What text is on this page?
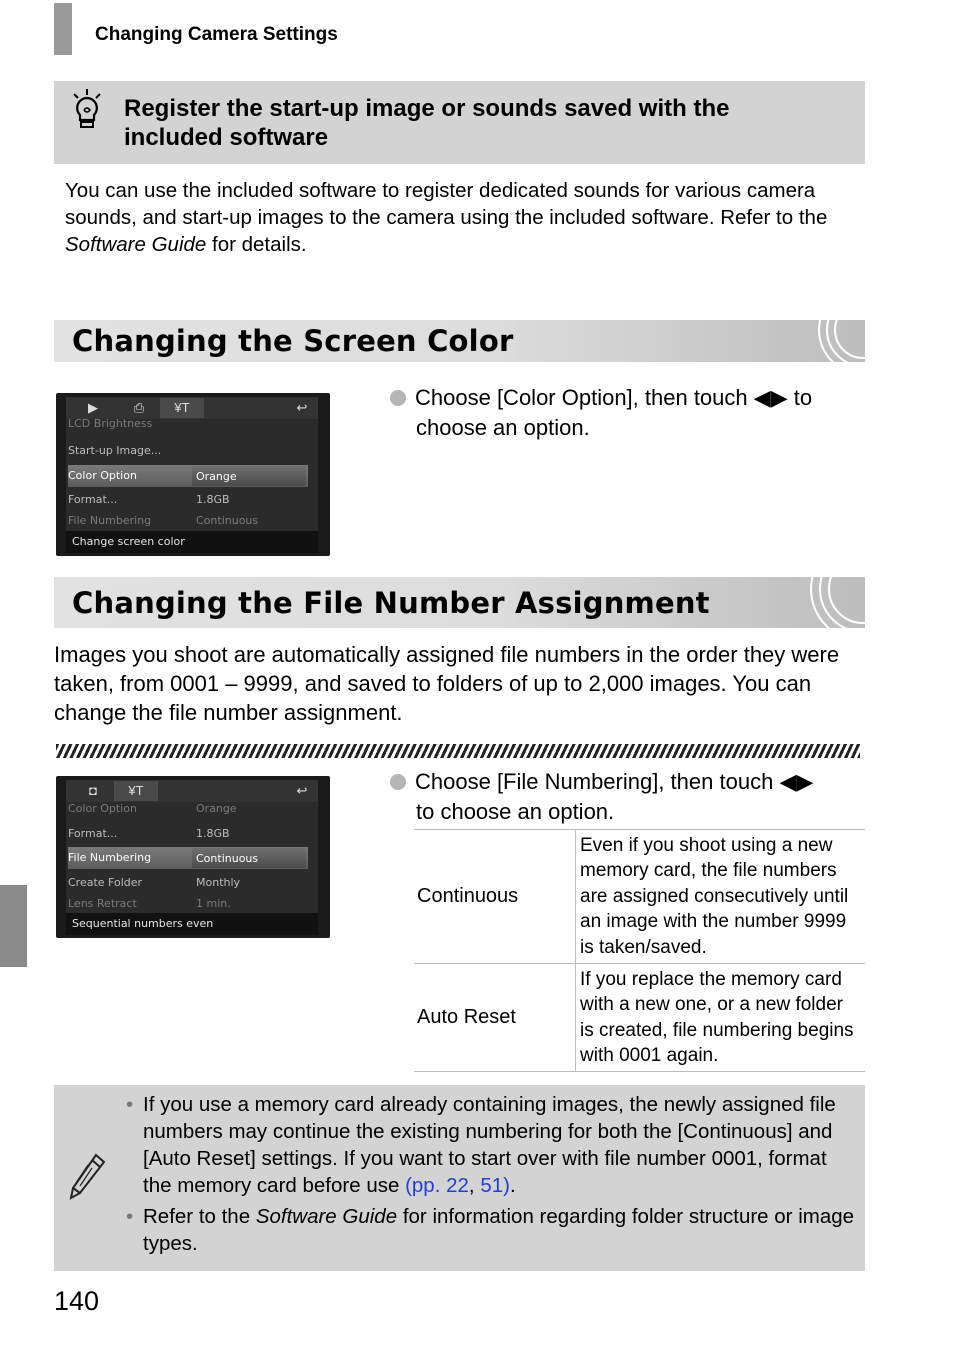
Changing Camera Settings
Register the start-up image or sounds saved with the included software
You can use the included software to register dedicated sounds for various camera sounds, and start-up images to the camera using the included software. Refer to the Software Guide for details.
Changing the Screen Color
▶	⎙	¥T	↩
LCD Brightness
Start-up Image...
Color Option	Orange
Format...	1.8GB
File Numbering	Continuous
Change screen color
Choose [Color Option], then touch ◀▶ to
choose an option.
Changing the File Number Assignment
Images you shoot are automatically assigned file numbers in the order they were taken, from 0001 – 9999, and saved to folders of up to 2,000 images. You can change the file number assignment.
◘	¥T	↩
Color Option	Orange
Format...	1.8GB
File Numbering	Continuous
Create Folder	Monthly
Lens Retract	1 min.
Sequential numbers even
Choose [File Numbering], then touch ◀▶
to choose an option.
Continuous	Even if you shoot using a new memory card, the file numbers are assigned consecutively until an image with the number 9999 is taken/saved.
Auto Reset	If you replace the memory card with a new one, or a new folder is created, file numbering begins with 0001 again.
• If you use a memory card already containing images, the newly assigned file numbers may continue the existing numbering for both the [Continuous] and [Auto Reset] settings. If you want to start over with file number 0001, format the memory card before use (pp. 22, 51).
• Refer to the Software Guide for information regarding folder structure or image types.
140
